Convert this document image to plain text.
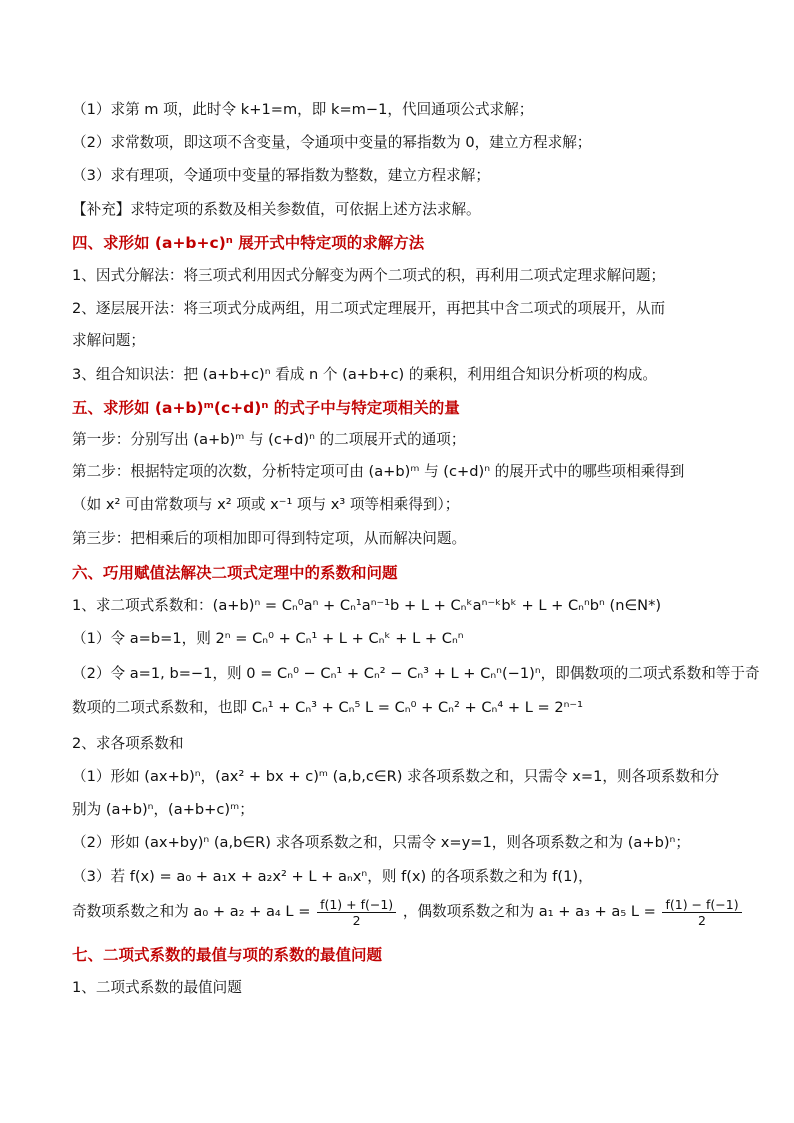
（1）求第 m 项，此时令 k+1=m，即 k=m−1，代回通项公式求解；
（2）求常数项，即这项不含变量，令通项中变量的幂指数为 0，建立方程求解；
（3）求有理项，令通项中变量的幂指数为整数，建立方程求解；
【补充】求特定项的系数及相关参数值，可依据上述方法求解。
四、求形如 (a+b+c)ⁿ 展开式中特定项的求解方法
1、因式分解法：将三项式利用因式分解变为两个二项式的积，再利用二项式定理求解问题；
2、逐层展开法：将三项式分成两组，用二项式定理展开，再把其中含二项式的项展开，从而
求解问题；
3、组合知识法：把 (a+b+c)ⁿ 看成 n 个 (a+b+c) 的乘积，利用组合知识分析项的构成。
五、求形如 (a+b)ᵐ(c+d)ⁿ 的式子中与特定项相关的量
第一步：分别写出 (a+b)ᵐ 与 (c+d)ⁿ 的二项展开式的通项；
第二步：根据特定项的次数，分析特定项可由 (a+b)ᵐ 与 (c+d)ⁿ 的展开式中的哪些项相乘得到
（如 x² 可由常数项与 x² 项或 x⁻¹ 项与 x³ 项等相乘得到）；
第三步：把相乘后的项相加即可得到特定项，从而解决问题。
六、巧用赋值法解决二项式定理中的系数和问题
1、求二项式系数和：(a+b)ⁿ = Cₙ⁰aⁿ + Cₙ¹aⁿ⁻¹b + L + Cₙᵏaⁿ⁻ᵏbᵏ + L + Cₙⁿbⁿ (n∈N*)
（1）令 a=b=1，则 2ⁿ = Cₙ⁰ + Cₙ¹ + L + Cₙᵏ + L + Cₙⁿ
（2）令 a=1, b=−1，则 0 = Cₙ⁰ − Cₙ¹ + Cₙ² − Cₙ³ + L + Cₙⁿ(−1)ⁿ，即偶数项的二项式系数和等于奇
数项的二项式系数和，也即 Cₙ¹ + Cₙ³ + Cₙ⁵ L = Cₙ⁰ + Cₙ² + Cₙ⁴ + L = 2ⁿ⁻¹
2、求各项系数和
（1）形如 (ax+b)ⁿ，(ax² + bx + c)ᵐ (a,b,c∈R) 求各项系数之和，只需令 x=1，则各项系数和分
别为 (a+b)ⁿ，(a+b+c)ᵐ；
（2）形如 (ax+by)ⁿ (a,b∈R) 求各项系数之和，只需令 x=y=1，则各项系数之和为 (a+b)ⁿ；
（3）若 f(x) = a₀ + a₁x + a₂x² + L + aₙxⁿ，则 f(x) 的各项系数之和为 f(1)，
奇数项系数之和为 a₀ + a₂ + a₄ $L = \frac{f(1) + f(-1)}{2}$ ，偶数项系数之和为 a₁ + a₃ + a₅ $L = \frac{f(1) - f(-1)}{2}$
七、二项式系数的最值与项的系数的最值问题
1、二项式系数的最值问题
